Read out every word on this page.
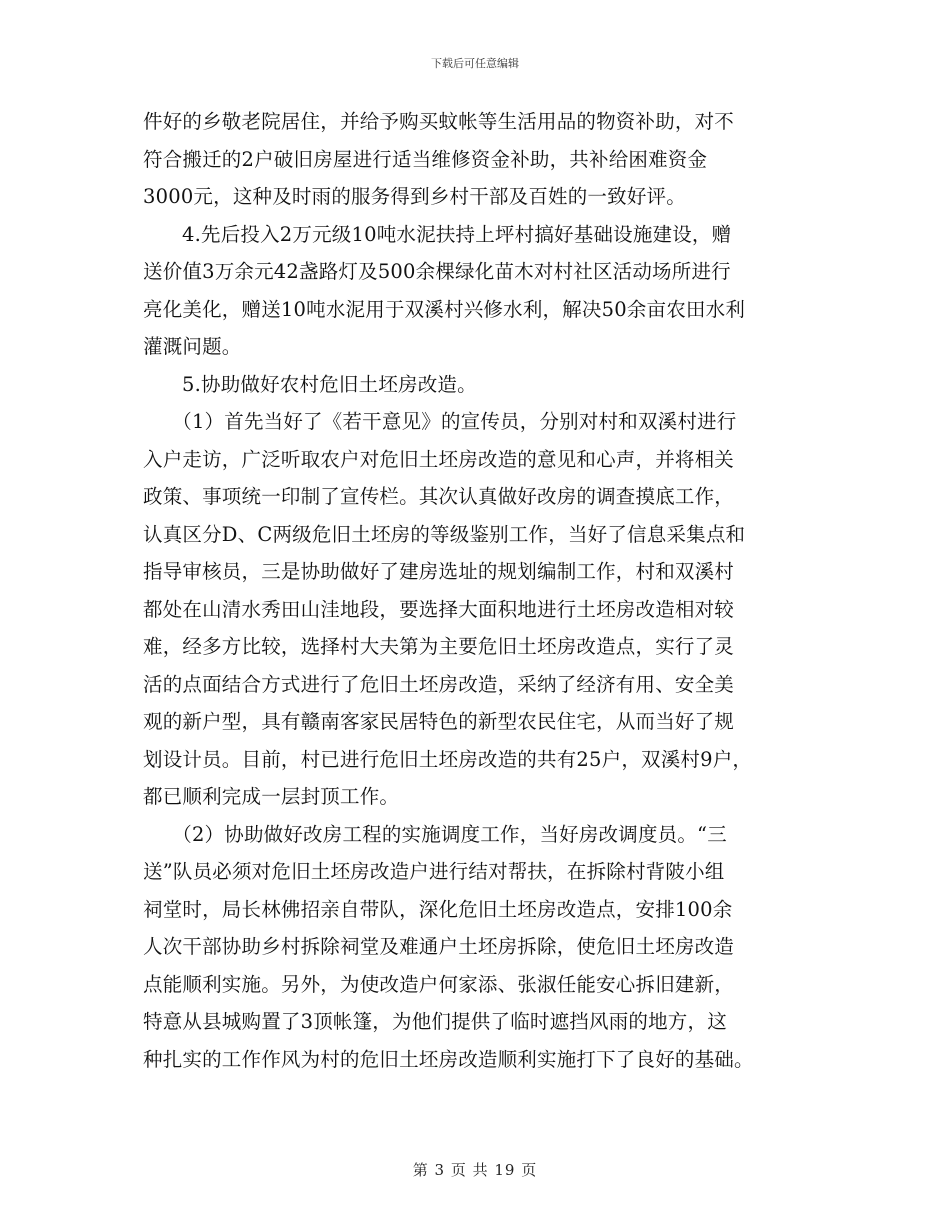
下载后可任意编辑
件好的乡敬老院居住，并给予购买蚊帐等生活用品的物资补助，对不
符合搬迁的2户破旧房屋进行适当维修资金补助，共补给困难资金
3000元，这种及时雨的服务得到乡村干部及百姓的一致好评。
4.先后投入2万元级10吨水泥扶持上坪村搞好基础设施建设，赠
送价值3万余元42盏路灯及500余棵绿化苗木对村社区活动场所进行
亮化美化，赠送10吨水泥用于双溪村兴修水利，解决50余亩农田水利
灌溉问题。
5.协助做好农村危旧土坯房改造。
（1）首先当好了《若干意见》的宣传员，分别对村和双溪村进行
入户走访，广泛听取农户对危旧土坯房改造的意见和心声，并将相关
政策、事项统一印制了宣传栏。其次认真做好改房的调查摸底工作，
认真区分D、C两级危旧土坯房的等级鉴别工作，当好了信息采集点和
指导审核员，三是协助做好了建房选址的规划编制工作，村和双溪村
都处在山清水秀田山洼地段，要选择大面积地进行土坯房改造相对较
难，经多方比较，选择村大夫第为主要危旧土坯房改造点，实行了灵
活的点面结合方式进行了危旧土坯房改造，采纳了经济有用、安全美
观的新户型，具有赣南客家民居特色的新型农民住宅，从而当好了规
划设计员。目前，村已进行危旧土坯房改造的共有25户，双溪村9户，
都已顺利完成一层封顶工作。
（2）协助做好改房工程的实施调度工作，当好房改调度员。“三
送”队员必须对危旧土坯房改造户进行结对帮扶，在拆除村背陂小组
祠堂时，局长林佛招亲自带队，深化危旧土坯房改造点，安排100余
人次干部协助乡村拆除祠堂及难通户土坯房拆除，使危旧土坯房改造
点能顺利实施。另外，为使改造户何家添、张淑任能安心拆旧建新，
特意从县城购置了3顶帐篷，为他们提供了临时遮挡风雨的地方，这
种扎实的工作作风为村的危旧土坯房改造顺利实施打下了良好的基础。
第 3 页 共 19 页
